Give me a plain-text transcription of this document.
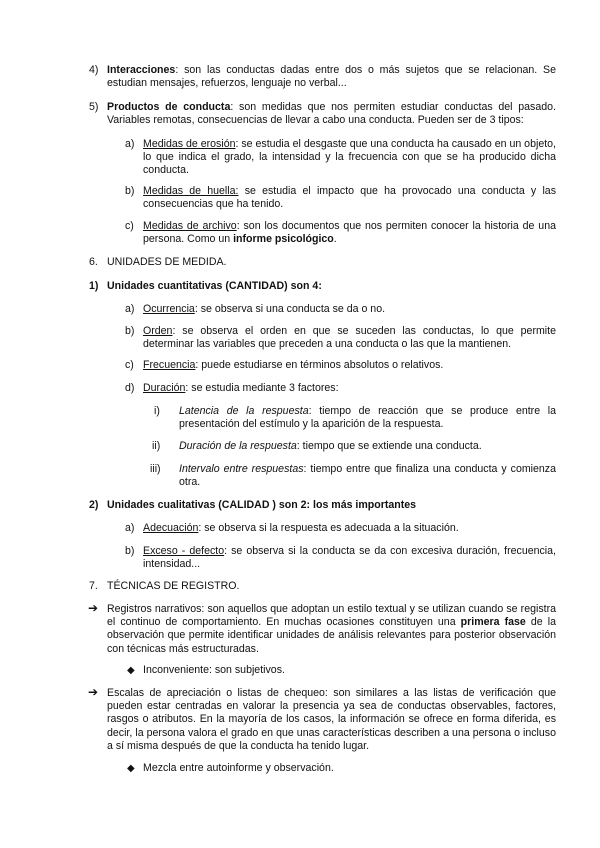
4) Interacciones: son las conductas dadas entre dos o más sujetos que se relacionan. Se estudian mensajes, refuerzos, lenguaje no verbal...
5) Productos de conducta: son medidas que nos permiten estudiar conductas del pasado. Variables remotas, consecuencias de llevar a cabo una conducta. Pueden ser de 3 tipos:
a) Medidas de erosión: se estudia el desgaste que una conducta ha causado en un objeto, lo que indica el grado, la intensidad y la frecuencia con que se ha producido dicha conducta.
b) Medidas de huella: se estudia el impacto que ha provocado una conducta y las consecuencias que ha tenido.
c) Medidas de archivo: son los documentos que nos permiten conocer la historia de una persona. Como un informe psicológico.
6. UNIDADES DE MEDIDA.
1) Unidades cuantitativas (CANTIDAD) son 4:
a) Ocurrencia: se observa si una conducta se da o no.
b) Orden: se observa el orden en que se suceden las conductas, lo que permite determinar las variables que preceden a una conducta o las que la mantienen.
c) Frecuencia: puede estudiarse en términos absolutos o relativos.
d) Duración: se estudia mediante 3 factores:
i) Latencia de la respuesta: tiempo de reacción que se produce entre la presentación del estímulo y la aparición de la respuesta.
ii) Duración de la respuesta: tiempo que se extiende una conducta.
iii) Intervalo entre respuestas: tiempo entre que finaliza una conducta y comienza otra.
2) Unidades cualitativas (CALIDAD ) son 2: los más importantes
a) Adecuación: se observa si la respuesta es adecuada a la situación.
b) Exceso - defecto: se observa si la conducta se da con excesiva duración, frecuencia, intensidad...
7. TÉCNICAS DE REGISTRO.
➔ Registros narrativos: son aquellos que adoptan un estilo textual y se utilizan cuando se registra el continuo de comportamiento. En muchas ocasiones constituyen una primera fase de la observación que permite identificar unidades de análisis relevantes para posterior observación con técnicas más estructuradas.
◆ Inconveniente: son subjetivos.
➔ Escalas de apreciación o listas de chequeo: son similares a las listas de verificación que pueden estar centradas en valorar la presencia ya sea de conductas observables, factores, rasgos o atributos. En la mayoría de los casos, la información se ofrece en forma diferida, es decir, la persona valora el grado en que unas características describen a una persona o incluso a sí misma después de que la conducta ha tenido lugar.
◆ Mezcla entre autoinforme y observación.
